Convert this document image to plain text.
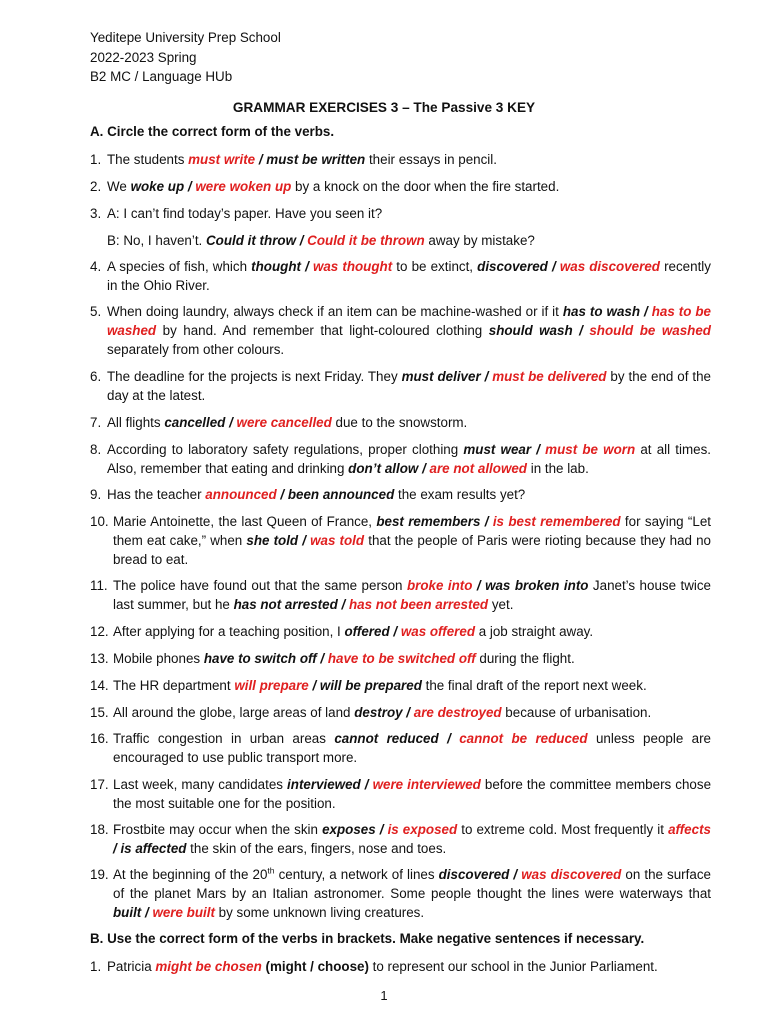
Yeditepe University Prep School
2022-2023 Spring
B2 MC / Language HUb
GRAMMAR EXERCISES 3 – The Passive 3 KEY
A. Circle the correct form of the verbs.
1. The students must write / must be written their essays in pencil.
2. We woke up / were woken up by a knock on the door when the fire started.
3. A: I can’t find today’s paper. Have you seen it?
B: No, I haven’t. Could it throw / Could it be thrown away by mistake?
4. A species of fish, which thought / was thought to be extinct, discovered / was discovered recently in the Ohio River.
5. When doing laundry, always check if an item can be machine-washed or if it has to wash / has to be washed by hand. And remember that light-coloured clothing should wash / should be washed separately from other colours.
6. The deadline for the projects is next Friday. They must deliver / must be delivered by the end of the day at the latest.
7. All flights cancelled / were cancelled due to the snowstorm.
8. According to laboratory safety regulations, proper clothing must wear / must be worn at all times. Also, remember that eating and drinking don’t allow / are not allowed in the lab.
9. Has the teacher announced / been announced the exam results yet?
10. Marie Antoinette, the last Queen of France, best remembers / is best remembered for saying “Let them eat cake,” when she told / was told that the people of Paris were rioting because they had no bread to eat.
11. The police have found out that the same person broke into / was broken into Janet’s house twice last summer, but he has not arrested / has not been arrested yet.
12. After applying for a teaching position, I offered / was offered a job straight away.
13. Mobile phones have to switch off / have to be switched off during the flight.
14. The HR department will prepare / will be prepared the final draft of the report next week.
15. All around the globe, large areas of land destroy / are destroyed because of urbanisation.
16. Traffic congestion in urban areas cannot reduced / cannot be reduced unless people are encouraged to use public transport more.
17. Last week, many candidates interviewed / were interviewed before the committee members chose the most suitable one for the position.
18. Frostbite may occur when the skin exposes / is exposed to extreme cold. Most frequently it affects / is affected the skin of the ears, fingers, nose and toes.
19. At the beginning of the 20th century, a network of lines discovered / was discovered on the surface of the planet Mars by an Italian astronomer. Some people thought the lines were waterways that built / were built by some unknown living creatures.
B. Use the correct form of the verbs in brackets. Make negative sentences if necessary.
1. Patricia might be chosen (might / choose) to represent our school in the Junior Parliament.
1
